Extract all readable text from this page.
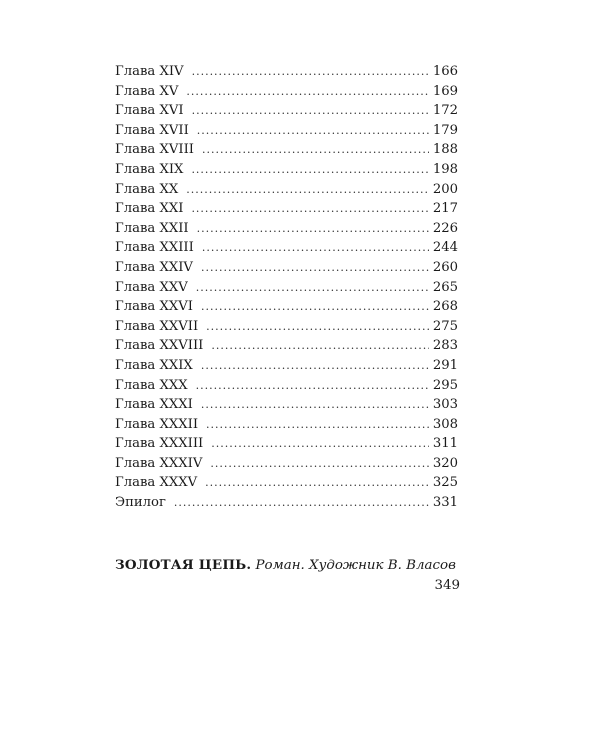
Глава XIV .....	166
Глава XV .....	169
Глава XVI .....	172
Глава XVII .....	179
Глава XVIII .....	188
Глава XIX .....	198
Глава XX .....	200
Глава XXI .....	217
Глава XXII .....	226
Глава XXIII .....	244
Глава XXIV .....	260
Глава XXV .....	265
Глава XXVI .....	268
Глава XXVII .....	275
Глава XXVIII .....	283
Глава XXIX .....	291
Глава XXX .....	295
Глава XXXI .....	303
Глава XXXII .....	308
Глава XXXIII .....	311
Глава XXXIV .....	320
Глава XXXV .....	325
Эпилог .....	331
ЗОЛОТАЯ ЦЕПЬ. Роман. Художник В. Власов
349
